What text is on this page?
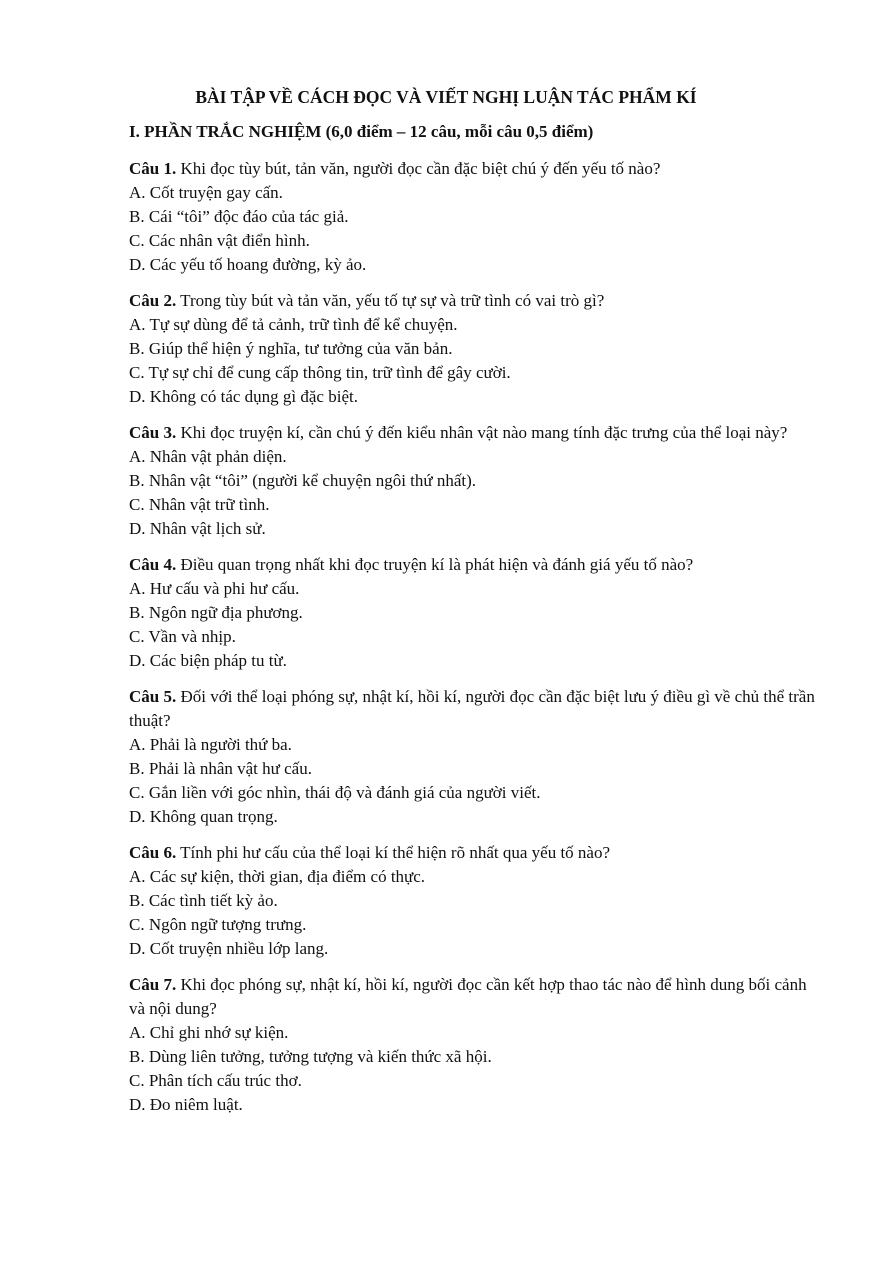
BÀI TẬP VỀ CÁCH ĐỌC VÀ VIẾT NGHỊ LUẬN TÁC PHẨM KÍ
I. PHẦN TRẮC NGHIỆM (6,0 điểm – 12 câu, mỗi câu 0,5 điểm)

Câu 1. Khi đọc tùy bút, tản văn, người đọc cần đặc biệt chú ý đến yếu tố nào?

A. Cốt truyện gay cấn.

B. Cái “tôi” độc đáo của tác giả.

C. Các nhân vật điển hình.

D. Các yếu tố hoang đường, kỳ ảo.

Câu 2. Trong tùy bút và tản văn, yếu tố tự sự và trữ tình có vai trò gì?

A. Tự sự dùng để tả cảnh, trữ tình để kể chuyện.

B. Giúp thể hiện ý nghĩa, tư tưởng của văn bản.

C. Tự sự chỉ để cung cấp thông tin, trữ tình để gây cười.

D. Không có tác dụng gì đặc biệt.

Câu 3. Khi đọc truyện kí, cần chú ý đến kiểu nhân vật nào mang tính đặc trưng của thể loại này?

A. Nhân vật phản diện.

B. Nhân vật “tôi” (người kể chuyện ngôi thứ nhất).

C. Nhân vật trữ tình.

D. Nhân vật lịch sử.

Câu 4. Điều quan trọng nhất khi đọc truyện kí là phát hiện và đánh giá yếu tố nào?

A. Hư cấu và phi hư cấu.

B. Ngôn ngữ địa phương.

C. Vần và nhịp.

D. Các biện pháp tu từ.

Câu 5. Đối với thể loại phóng sự, nhật kí, hồi kí, người đọc cần đặc biệt lưu ý điều gì về chủ thể trần thuật?

A. Phải là người thứ ba.

B. Phải là nhân vật hư cấu.

C. Gắn liền với góc nhìn, thái độ và đánh giá của người viết.

D. Không quan trọng.

Câu 6. Tính phi hư cấu của thể loại kí thể hiện rõ nhất qua yếu tố nào?

A. Các sự kiện, thời gian, địa điểm có thực.

B. Các tình tiết kỳ ảo.

C. Ngôn ngữ tượng trưng.

D. Cốt truyện nhiều lớp lang.

Câu 7. Khi đọc phóng sự, nhật kí, hồi kí, người đọc cần kết hợp thao tác nào để hình dung bối cảnh và nội dung?

A. Chỉ ghi nhớ sự kiện.

B. Dùng liên tưởng, tưởng tượng và kiến thức xã hội.

C. Phân tích cấu trúc thơ.

D. Đo niêm luật.
